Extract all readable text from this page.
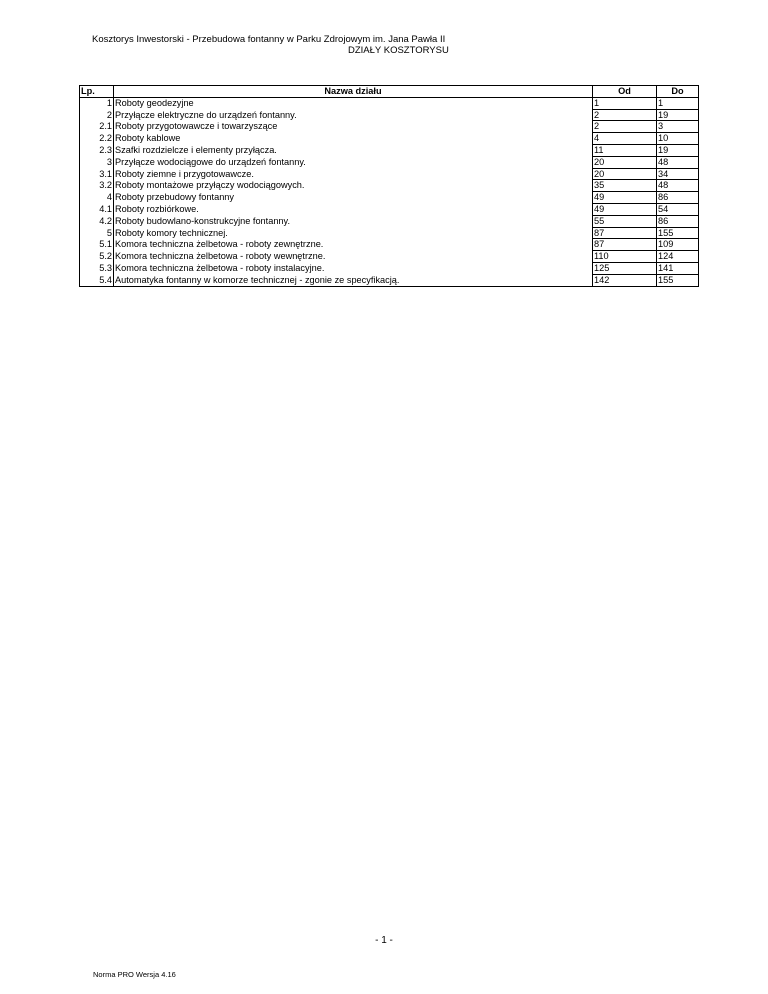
Kosztorys Inwestorski - Przebudowa fontanny w Parku Zdrojowym im. Jana Pawła II
DZIAŁY KOSZTORYSU
Lp.	Nazwa działu	Od	Do
1	Roboty geodezyjne	1	1
2	Przyłącze elektryczne do urządzeń fontanny.	2	19
2.1	Roboty przygotowawcze i towarzyszące	2	3
2.2	Roboty kablowe	4	10
2.3	Szafki rozdzielcze i elementy przyłącza.	11	19
3	Przyłącze wodociągowe do urządzeń fontanny.	20	48
3.1	Roboty ziemne i przygotowawcze.	20	34
3.2	Roboty montażowe przyłączy wodociągowych.	35	48
4	Roboty przebudowy fontanny	49	86
4.1	Roboty rozbiórkowe.	49	54
4.2	Roboty budowlano-konstrukcyjne fontanny.	55	86
5	Roboty komory technicznej.	87	155
5.1	Komora techniczna żelbetowa - roboty zewnętrzne.	87	109
5.2	Komora techniczna żelbetowa - roboty wewnętrzne.	110	124
5.3	Komora techniczna żelbetowa - roboty instalacyjne.	125	141
5.4	Automatyka fontanny w komorze technicznej - zgonie ze specyfikacją.	142	155
- 1 -
Norma PRO Wersja 4.16
